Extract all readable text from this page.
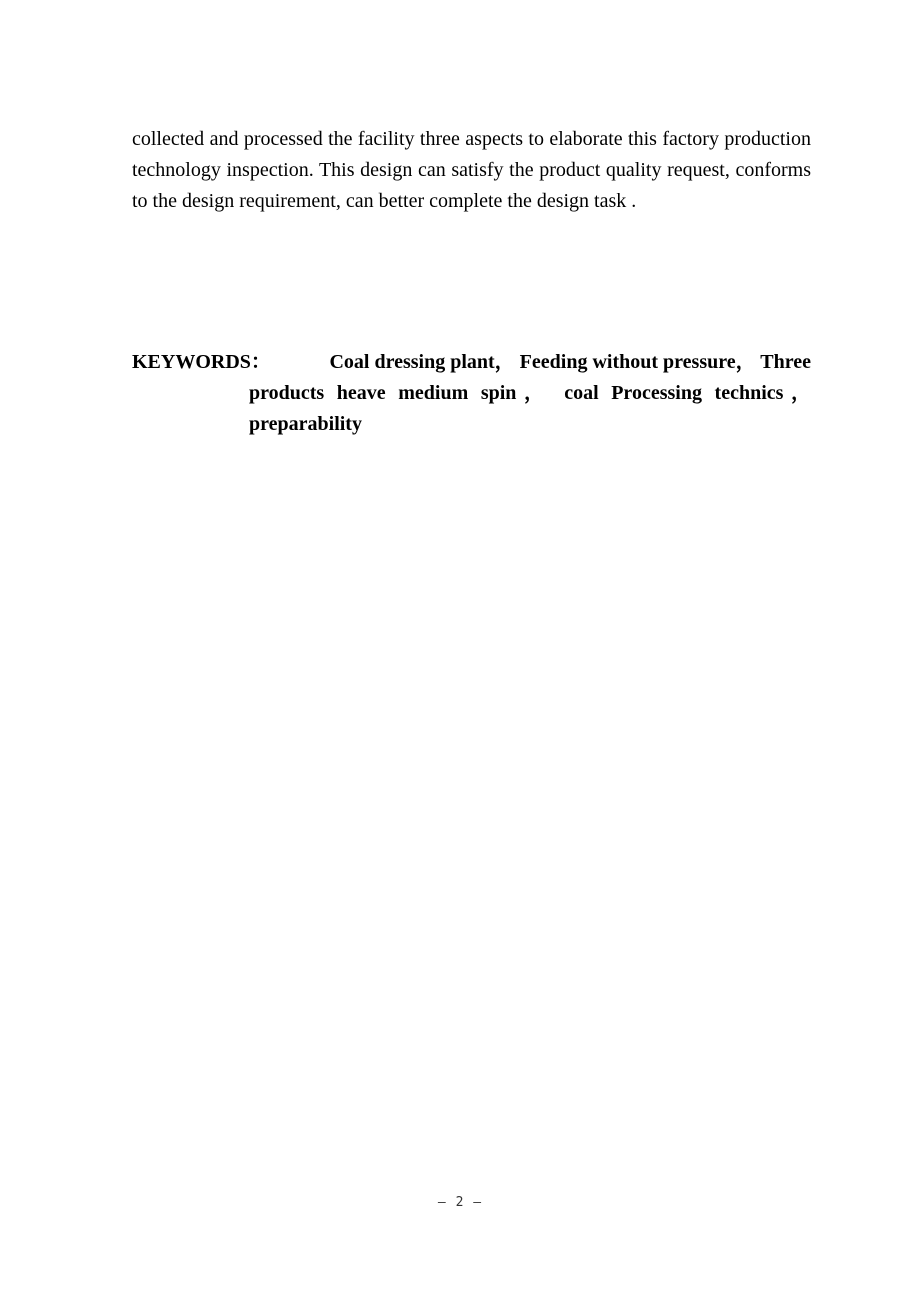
collected and processed the facility three aspects to elaborate this factory production technology inspection. This design can satisfy the product quality request, conforms to the design requirement, can better complete the design task .

KEYWORDS：	Coal dressing plant， Feeding without pressure， Three
products heave medium spin， coal Processing technics， preparability
– 2 –
